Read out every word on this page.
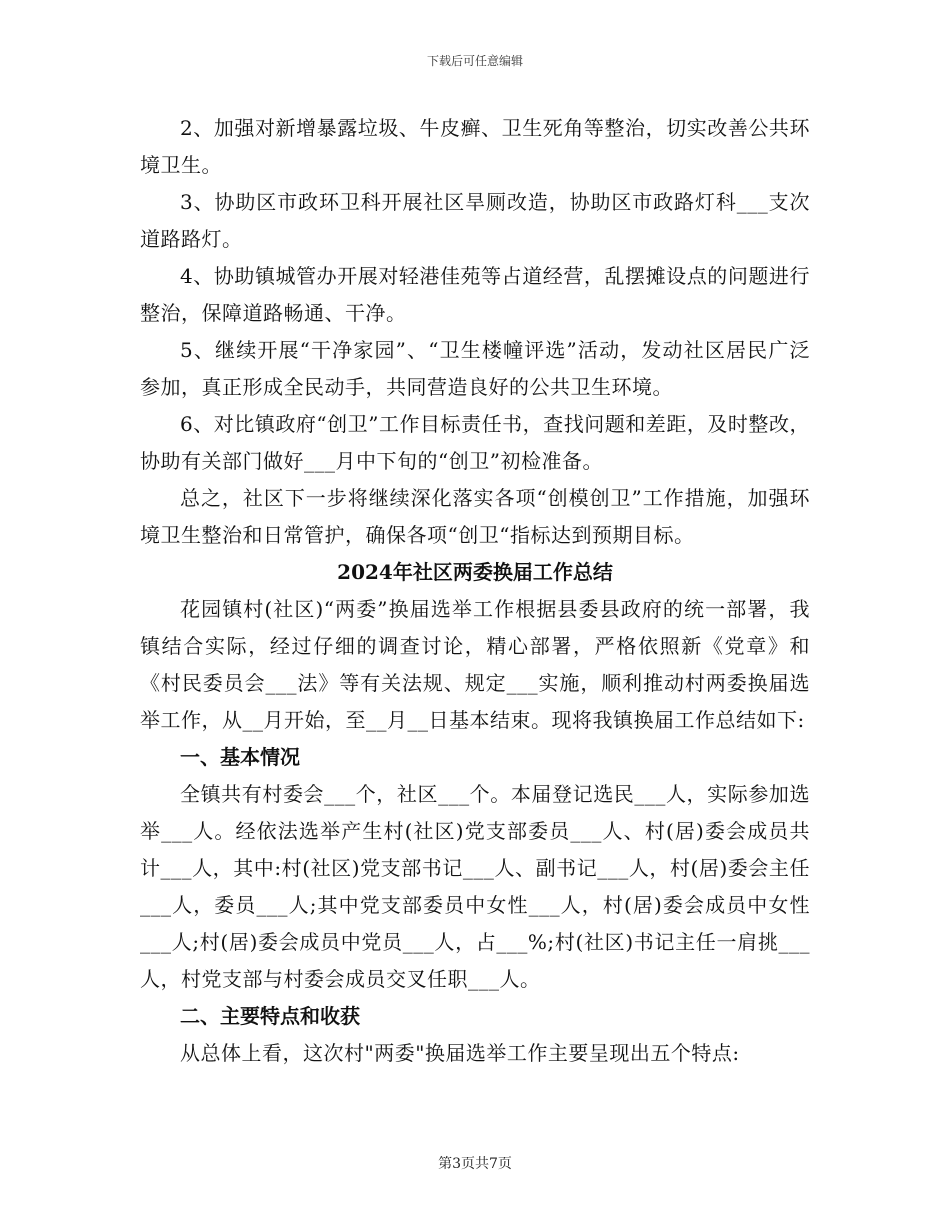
下载后可任意编辑

2、加强对新增暴露垃圾、牛皮癣、卫生死角等整治，切实改善公共环境卫生。

3、协助区市政环卫科开展社区旱厕改造，协助区市政路灯科___支次道路路灯。

4、协助镇城管办开展对轻港佳苑等占道经营，乱摆摊设点的问题进行整治，保障道路畅通、干净。

5、继续开展“干净家园”、“卫生楼幢评选”活动，发动社区居民广泛参加，真正形成全民动手，共同营造良好的公共卫生环境。

6、对比镇政府“创卫”工作目标责任书，查找问题和差距，及时整改，协助有关部门做好___月中下旬的“创卫”初检准备。

总之，社区下一步将继续深化落实各项“创模创卫”工作措施，加强环境卫生整治和日常管护，确保各项“创卫“指标达到预期目标。

2024年社区两委换届工作总结

花园镇村(社区)“两委”换届选举工作根据县委县政府的统一部署，我镇结合实际，经过仔细的调查讨论，精心部署，严格依照新《党章》和《村民委员会___法》等有关法规、规定___实施，顺利推动村两委换届选举工作，从__月开始，至__月__日基本结束。现将我镇换届工作总结如下:

一、基本情况

全镇共有村委会___个，社区___个。本届登记选民___人，实际参加选举___人。经依法选举产生村(社区)党支部委员___人、村(居)委会成员共计___人，其中:村(社区)党支部书记___人、副书记___人，村(居)委会主任___人，委员___人;其中党支部委员中女性___人，村(居)委会成员中女性___人;村(居)委会成员中党员___人，占___%;村(社区)书记主任一肩挑___人，村党支部与村委会成员交叉任职___人。

二、主要特点和收获

从总体上看，这次村"两委"换届选举工作主要呈现出五个特点:

第3页共7页
